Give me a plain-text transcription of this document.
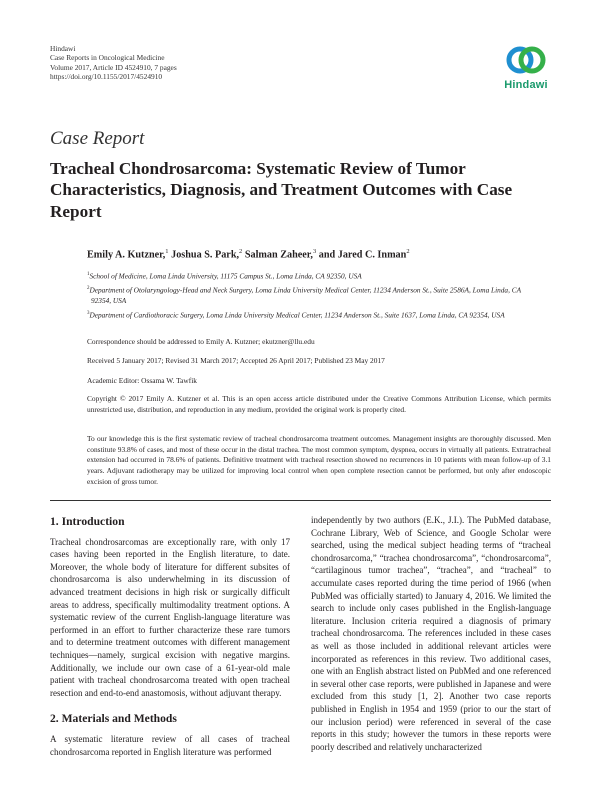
Hindawi
Case Reports in Oncological Medicine
Volume 2017, Article ID 4524910, 7 pages
https://doi.org/10.1155/2017/4524910
Hindawi
Case Report
Tracheal Chondrosarcoma: Systematic Review of Tumor Characteristics, Diagnosis, and Treatment Outcomes with Case Report
Emily A. Kutzner,$^1$ Joshua S. Park,$^2$ Salman Zaheer,$^3$ and Jared C. Inman$^2$
$^1$School of Medicine, Loma Linda University, 11175 Campus St., Loma Linda, CA 92350, USA
$^2$Department of Otolaryngology-Head and Neck Surgery, Loma Linda University Medical Center, 11234 Anderson St., Suite 2586A, Loma Linda, CA 92354, USA
$^3$Department of Cardiothoracic Surgery, Loma Linda University Medical Center, 11234 Anderson St., Suite 1637, Loma Linda, CA 92354, USA
Correspondence should be addressed to Emily A. Kutzner; ekutzner@llu.edu
Received 5 January 2017; Revised 31 March 2017; Accepted 26 April 2017; Published 23 May 2017
Academic Editor: Ossama W. Tawfik
Copyright © 2017 Emily A. Kutzner et al. This is an open access article distributed under the Creative Commons Attribution License, which permits unrestricted use, distribution, and reproduction in any medium, provided the original work is properly cited.
To our knowledge this is the first systematic review of tracheal chondrosarcoma treatment outcomes. Management insights are thoroughly discussed. Men constitute 93.8% of cases, and most of these occur in the distal trachea. The most common symptom, dyspnea, occurs in virtually all patients. Extratracheal extension had occurred in 78.6% of patients. Definitive treatment with tracheal resection showed no recurrences in 10 patients with mean follow-up of 3.1 years. Adjuvant radiotherapy may be utilized for improving local control when open complete resection cannot be performed, but only after endoscopic excision of gross tumor.
1. Introduction

Tracheal chondrosarcomas are exceptionally rare, with only 17 cases having been reported in the English literature, to date. Moreover, the whole body of literature for different subsites of chondrosarcoma is also underwhelming in its discussion of advanced treatment decisions in high risk or surgically difficult areas to address, specifically multimodality treatment options. A systematic review of the current English-language literature was performed in an effort to further characterize these rare tumors and to determine treatment outcomes with different management techniques—namely, surgical excision with negative margins. Additionally, we include our own case of a 61-year-old male patient with tracheal chondrosarcoma treated with open tracheal resection and end-to-end anastomosis, without adjuvant therapy.

2. Materials and Methods

A systematic literature review of all cases of tracheal chondrosarcoma reported in English literature was performed

independently by two authors (E.K., J.I.). The PubMed database, Cochrane Library, Web of Science, and Google Scholar were searched, using the medical subject heading terms of “tracheal chondrosarcoma,” “trachea chondrosarcoma”, “chondrosarcoma”, “cartilaginous tumor trachea”, “trachea”, and “tracheal” to accumulate cases reported during the time period of 1966 (when PubMed was officially started) to January 4, 2016. We limited the search to include only cases published in the English-language literature. Inclusion criteria required a diagnosis of primary tracheal chondrosarcoma. The references included in these cases as well as those included in additional relevant articles were incorporated as references in this review. Two additional cases, one with an English abstract listed on PubMed and one referenced in several other case reports, were published in Japanese and were excluded from this study [1, 2]. Another two case reports published in English in 1954 and 1959 (prior to our the start of our inclusion period) were referenced in several of the case reports in this study; however the tumors in these reports were poorly described and relatively uncharacterized
